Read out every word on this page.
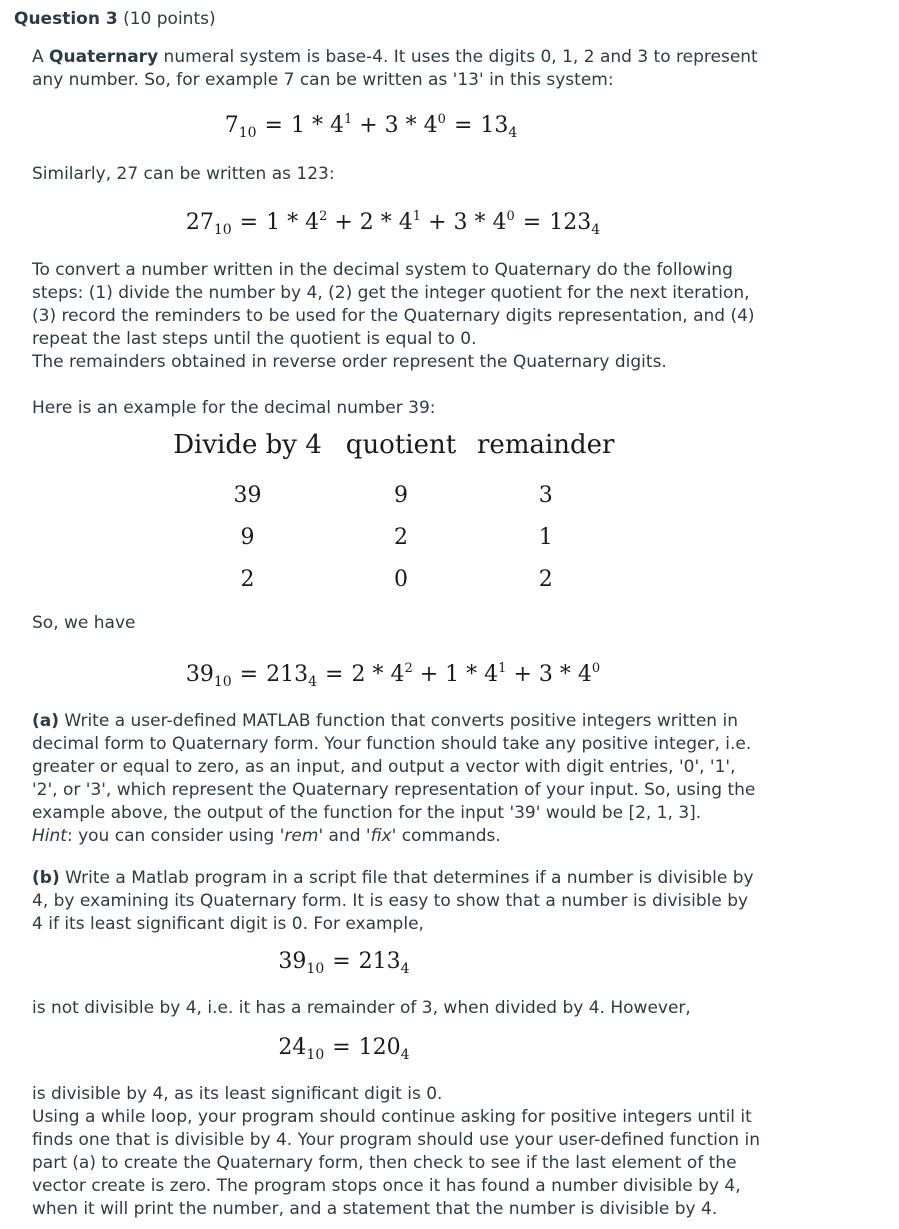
Question 3 (10 points)

A Quaternary numeral system is base-4. It uses the digits 0, 1, 2 and 3 to represent any number. So, for example 7 can be written as '13' in this system:

$7_{10} = 1 * 4^1 + 3 * 4^0 = 13_4$

Similarly, 27 can be written as 123:

$27_{10} = 1 * 4^2 + 2 * 4^1 + 3 * 4^0 = 123_4$

To convert a number written in the decimal system to Quaternary do the following steps: (1) divide the number by 4, (2) get the integer quotient for the next iteration, (3) record the reminders to be used for the Quaternary digits representation, and (4) repeat the last steps until the quotient is equal to 0.

The remainders obtained in reverse order represent the Quaternary digits.

Here is an example for the decimal number 39:

Divide by 4	quotient	remainder
39	9	3
9	2	1
2	0	2

So, we have

$39_{10} = 213_4 = 2 * 4^2 + 1 * 4^1 + 3 * 4^0$

(a) Write a user-defined MATLAB function that converts positive integers written in decimal form to Quaternary form. Your function should take any positive integer, i.e. greater or equal to zero, as an input, and output a vector with digit entries, '0', '1', '2', or '3', which represent the Quaternary representation of your input. So, using the example above, the output of the function for the input '39' would be [2, 1, 3].
Hint: you can consider using 'rem' and 'fix' commands.

(b) Write a Matlab program in a script file that determines if a number is divisible by 4, by examining its Quaternary form. It is easy to show that a number is divisible by 4 if its least significant digit is 0. For example,

$39_{10} = 213_4$

is not divisible by 4, i.e. it has a remainder of 3, when divided by 4. However,

$24_{10} = 120_4$

is divisible by 4, as its least significant digit is 0.

Using a while loop, your program should continue asking for positive integers until it finds one that is divisible by 4. Your program should use your user-defined function in part (a) to create the Quaternary form, then check to see if the last element of the vector create is zero. The program stops once it has found a number divisible by 4, when it will print the number, and a statement that the number is divisible by 4.
